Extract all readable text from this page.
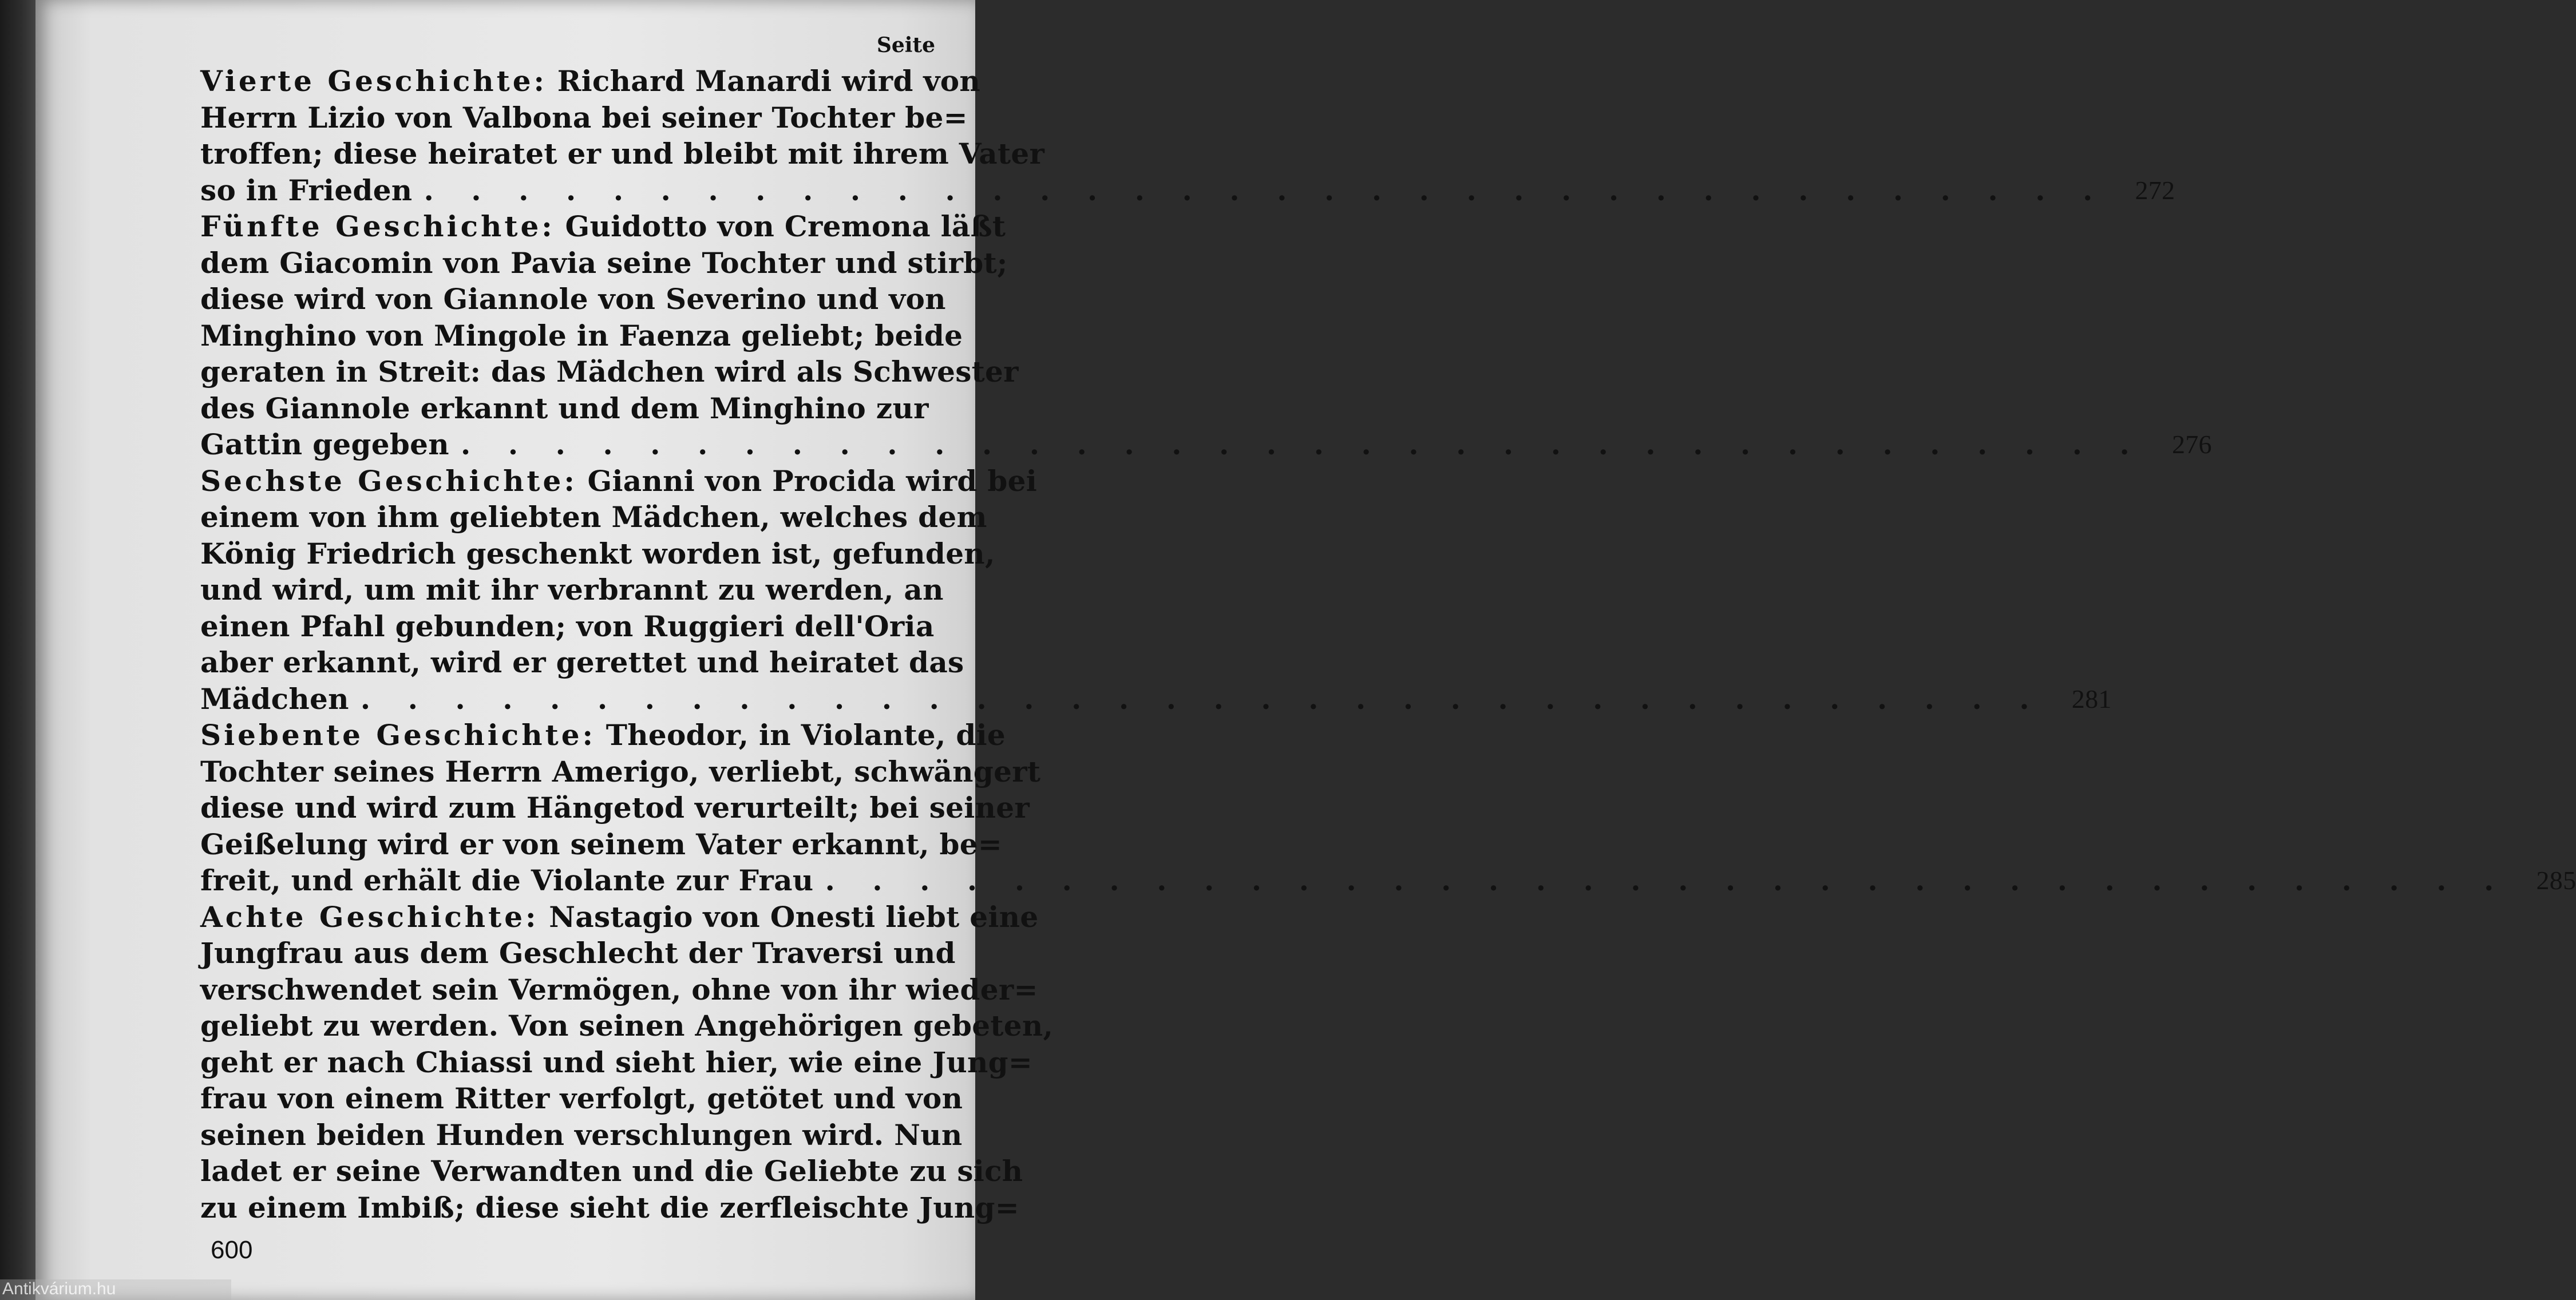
Seite
Vierte Geschichte: Richard Manardi wird von
Herrn Lizio von Valbona bei seiner Tochter be=
troffen; diese heiratet er und bleibt mit ihrem Vater
so in Frieden . . .	272
Fünfte Geschichte: Guidotto von Cremona läßt
dem Giacomin von Pavia seine Tochter und stirbt;
diese wird von Giannole von Severino und von
Minghino von Mingole in Faenza geliebt; beide
geraten in Streit: das Mädchen wird als Schwester
des Giannole erkannt und dem Minghino zur
Gattin gegeben . . .	276
Sechste Geschichte: Gianni von Procida wird bei
einem von ihm geliebten Mädchen, welches dem
König Friedrich geschenkt worden ist, gefunden,
und wird, um mit ihr verbrannt zu werden, an
einen Pfahl gebunden; von Ruggieri dell'Oria
aber erkannt, wird er gerettet und heiratet das
Mädchen . . .	281
Siebente Geschichte: Theodor, in Violante, die
Tochter seines Herrn Amerigo, verliebt, schwängert
diese und wird zum Hängetod verurteilt; bei seiner
Geißelung wird er von seinem Vater erkannt, be=
freit, und erhält die Violante zur Frau . . .	285
Achte Geschichte: Nastagio von Onesti liebt eine
Jungfrau aus dem Geschlecht der Traversi und
verschwendet sein Vermögen, ohne von ihr wieder=
geliebt zu werden. Von seinen Angehörigen gebeten,
geht er nach Chiassi und sieht hier, wie eine Jung=
frau von einem Ritter verfolgt, getötet und von
seinen beiden Hunden verschlungen wird. Nun
ladet er seine Verwandten und die Geliebte zu sich
zu einem Imbiß; diese sieht die zerfleischte Jung=
600
Antikvárium.hu
